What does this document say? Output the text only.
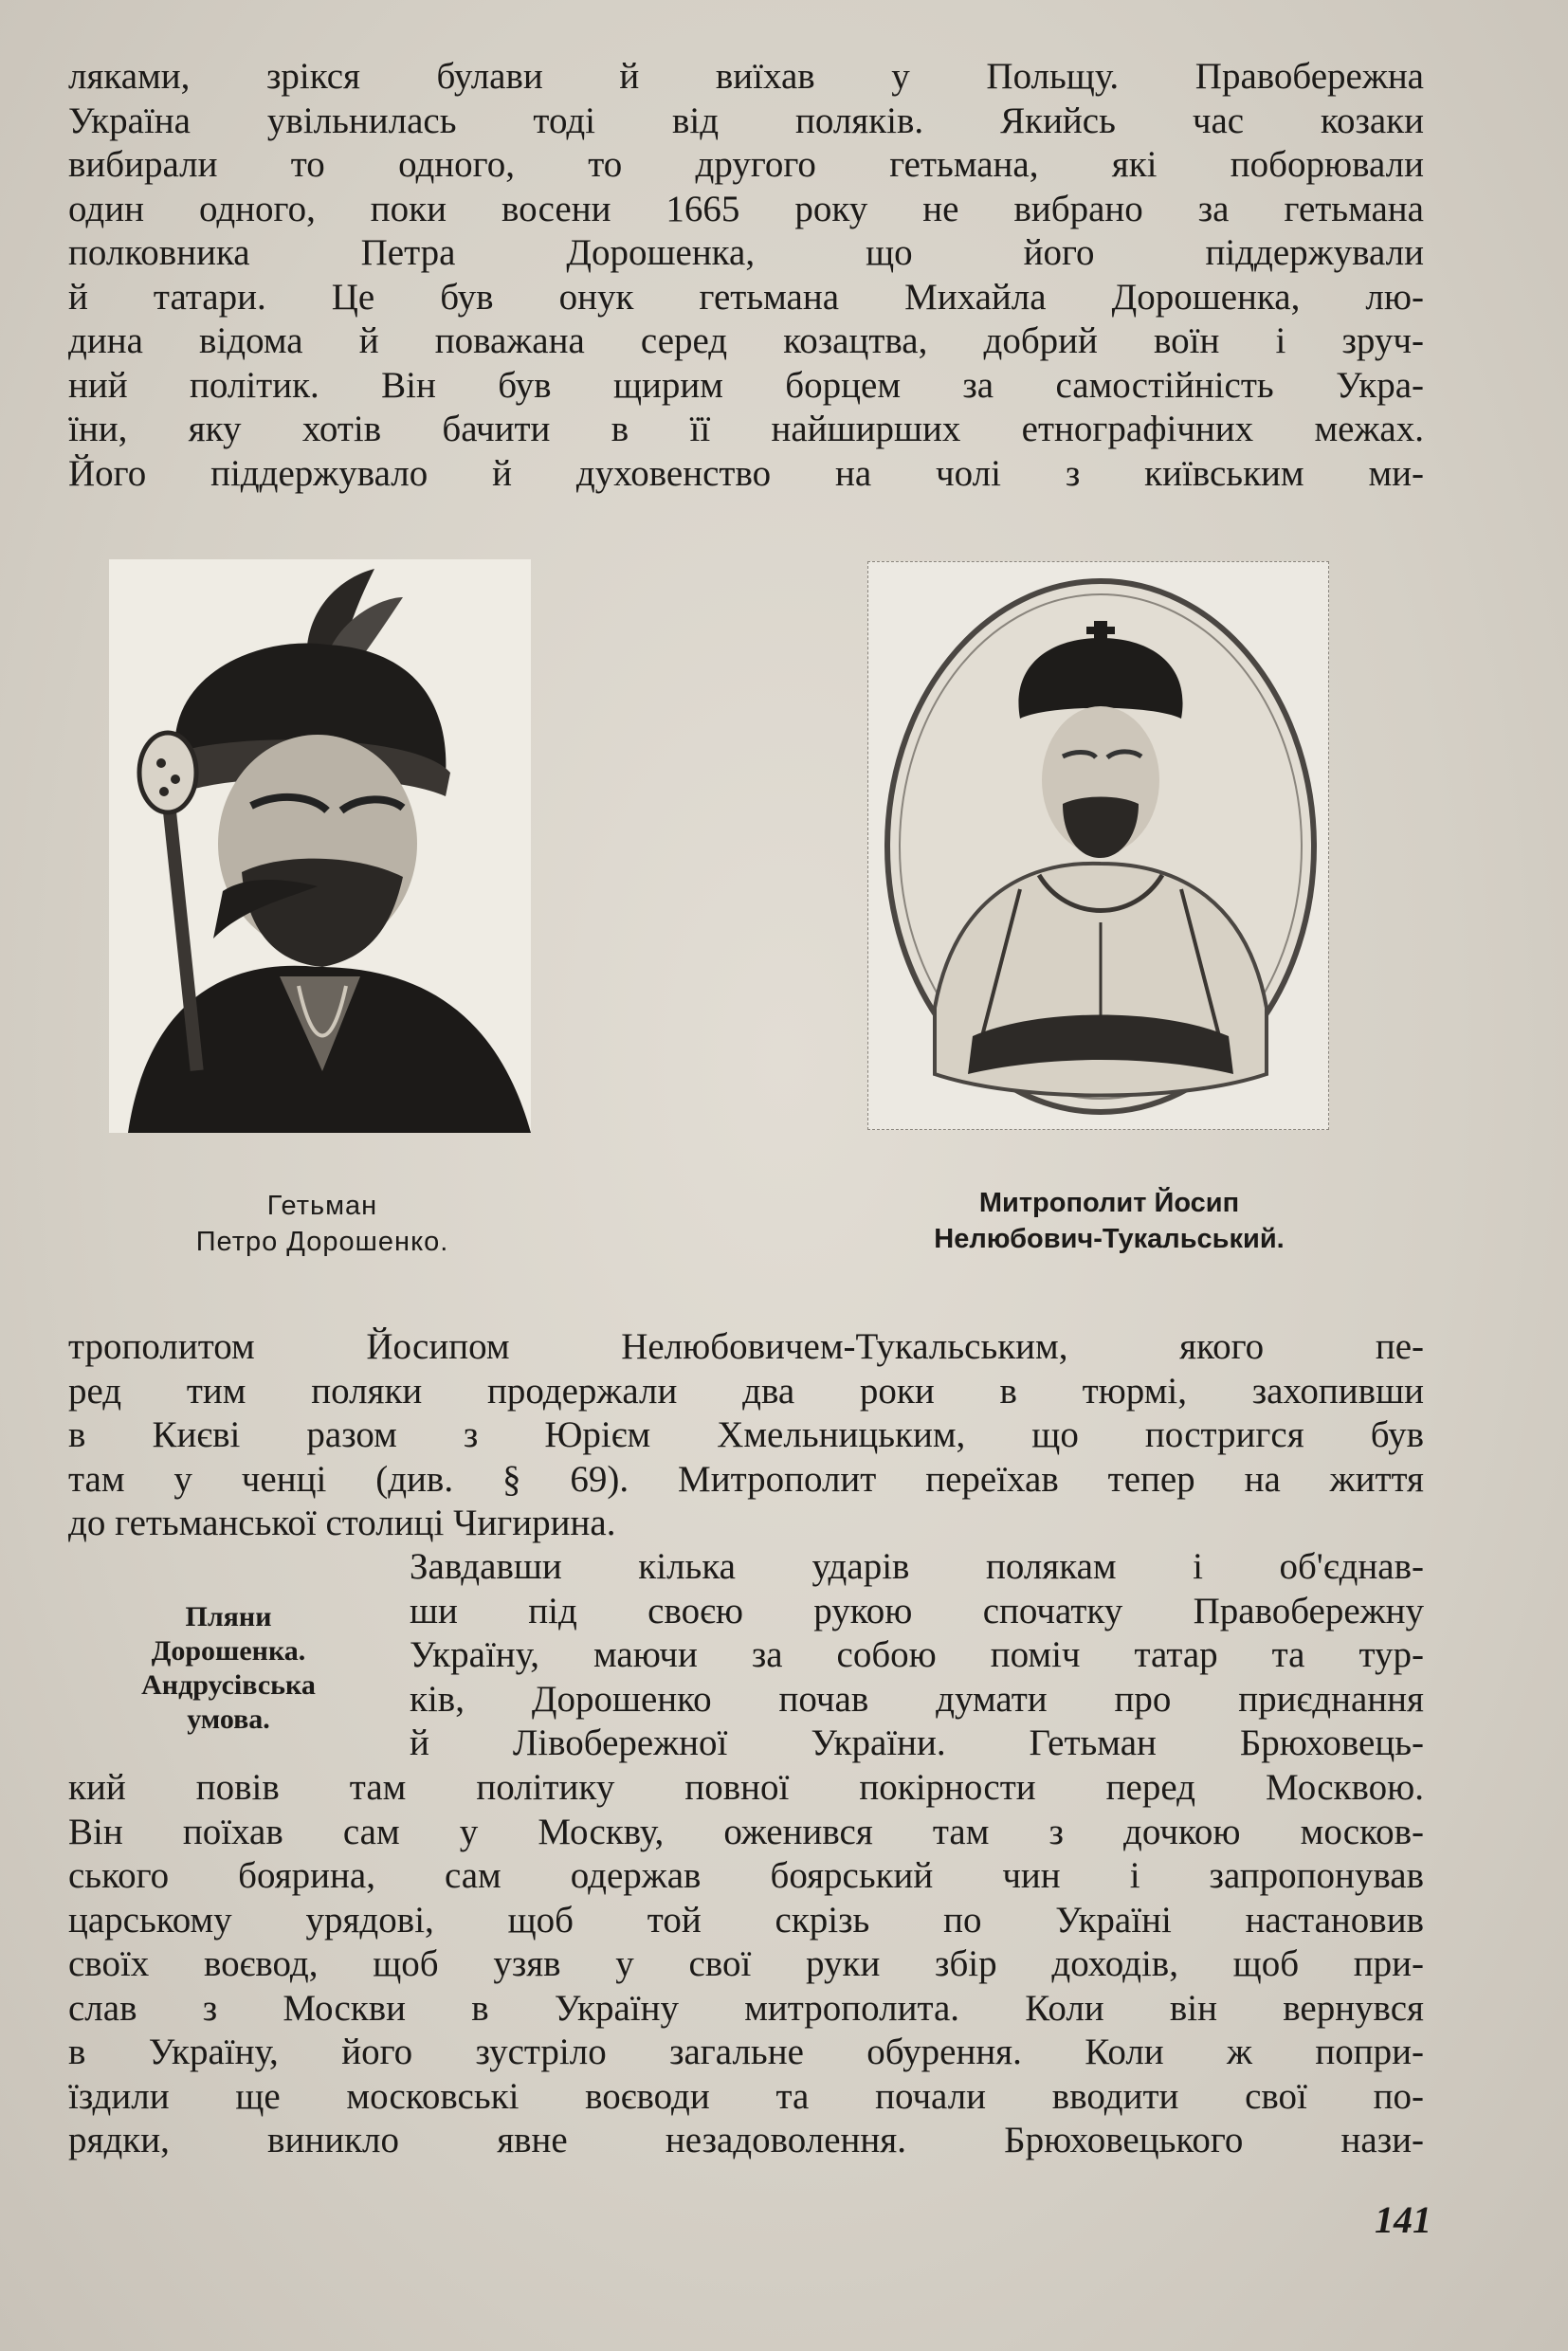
ляками, зрікся булави й виїхав у Польщу. Правобережна
Україна увільнилась тоді від поляків. Якийсь час козаки
вибирали то одного, то другого гетьмана, які поборювали
один одного, поки восени 1665 року не вибрано за гетьмана
полковника Петра Дорошенка, що його піддержували
й татари. Це був онук гетьмана Михайла Дорошенка, лю-
дина відома й поважана серед козацтва, добрий воїн і зруч-
ний політик. Він був щирим борцем за самостійність Укра-
їни, яку хотів бачити в її найширших етнографічних межах.
Його піддержувало й духовенство на чолі з київським ми-
Гетьман
Петро Дорошенко.
Митрополит Йосип
Нелюбович-Тукальський.
трополитом Йосипом Нелюбовичем-Тукальським, якого пе-
ред тим поляки продержали два роки в тюрмі, захопивши
в Києві разом з Юрієм Хмельницьким, що постригся був
там у ченці (див. § 69). Митрополит переїхав тепер на життя
до гетьманської столиці Чигирина.
Пляни
Дорошенка.
Андрусівська
умова.
Завдавши кілька ударів полякам і об'єднав-
ши під своєю рукою спочатку Правобережну
Україну, маючи за собою поміч татар та тур-
ків, Дорошенко почав думати про приєднання
й Лівобережної України. Гетьман Брюховець-
кий повів там політику повної покірности перед Москвою.
Він поїхав сам у Москву, оженився там з дочкою москов-
ського боярина, сам одержав боярський чин і запропонував
царському урядові, щоб той скрізь по Україні настановив
своїх воєвод, щоб узяв у свої руки збір доходів, щоб при-
слав з Москви в Україну митрополита. Коли він вернувся
в Україну, його зустріло загальне обурення. Коли ж попри-
їздили ще московські воєводи та почали вводити свої по-
рядки, виникло явне незадоволення. Брюховецького нази-
141
